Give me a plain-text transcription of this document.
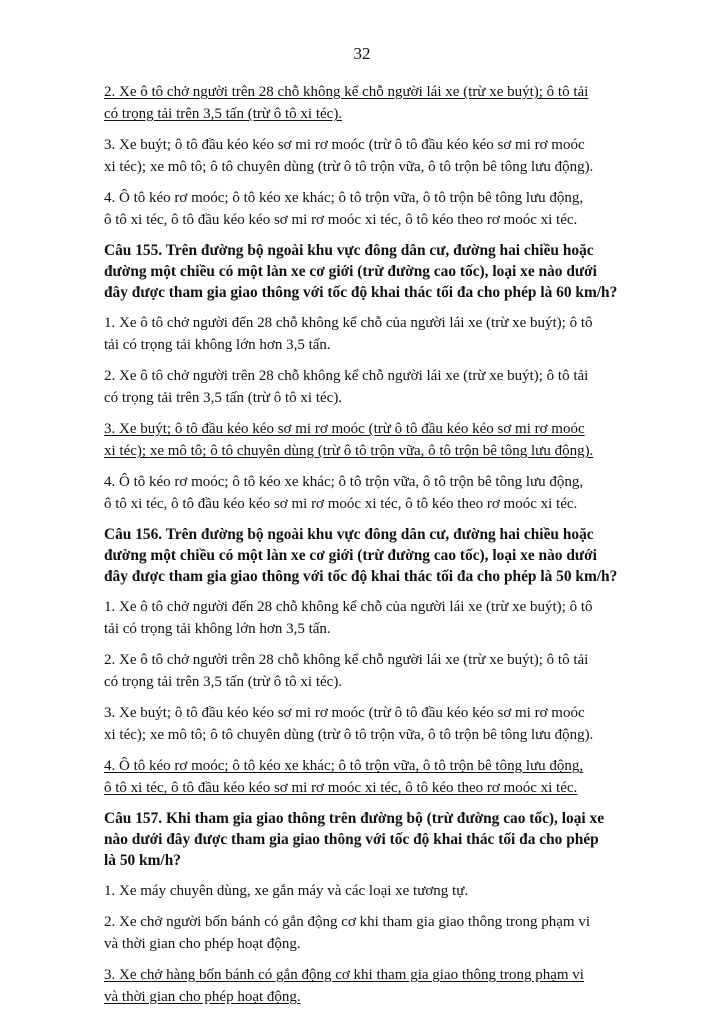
32
2. Xe ô tô chở người trên 28 chỗ không kể chỗ người lái xe (trừ xe buýt); ô tô tải
có trọng tải trên 3,5 tấn (trừ ô tô xi téc).
3. Xe buýt; ô tô đầu kéo kéo sơ mi rơ moóc (trừ ô tô đầu kéo kéo sơ mi rơ moóc
xi téc); xe mô tô; ô tô chuyên dùng (trừ ô tô trộn vữa, ô tô trộn bê tông lưu động).
4. Ô tô kéo rơ moóc; ô tô kéo xe khác; ô tô trộn vữa, ô tô trộn bê tông lưu động,
ô tô xi téc, ô tô đầu kéo kéo sơ mi rơ moóc xi téc, ô tô kéo theo rơ moóc xi téc.
Câu 155. Trên đường bộ ngoài khu vực đông dân cư, đường hai chiều hoặc
đường một chiều có một làn xe cơ giới (trừ đường cao tốc), loại xe nào dưới
đây được tham gia giao thông với tốc độ khai thác tối đa cho phép là 60 km/h?
1. Xe ô tô chở người đến 28 chỗ không kể chỗ của người lái xe (trừ xe buýt); ô tô
tải có trọng tải không lớn hơn 3,5 tấn.
2. Xe ô tô chở người trên 28 chỗ không kể chỗ người lái xe (trừ xe buýt); ô tô tải
có trọng tải trên 3,5 tấn (trừ ô tô xi téc).
3. Xe buýt; ô tô đầu kéo kéo sơ mi rơ moóc (trừ ô tô đầu kéo kéo sơ mi rơ moóc
xi téc); xe mô tô; ô tô chuyên dùng (trừ ô tô trộn vữa, ô tô trộn bê tông lưu động).
4. Ô tô kéo rơ moóc; ô tô kéo xe khác; ô tô trộn vữa, ô tô trộn bê tông lưu động,
ô tô xi téc, ô tô đầu kéo kéo sơ mi rơ moóc xi téc, ô tô kéo theo rơ moóc xi téc.
Câu 156. Trên đường bộ ngoài khu vực đông dân cư, đường hai chiều hoặc
đường một chiều có một làn xe cơ giới (trừ đường cao tốc), loại xe nào dưới
đây được tham gia giao thông với tốc độ khai thác tối đa cho phép là 50 km/h?
1. Xe ô tô chở người đến 28 chỗ không kể chỗ của người lái xe (trừ xe buýt); ô tô
tải có trọng tải không lớn hơn 3,5 tấn.
2. Xe ô tô chở người trên 28 chỗ không kể chỗ người lái xe (trừ xe buýt); ô tô tải
có trọng tải trên 3,5 tấn (trừ ô tô xi téc).
3. Xe buýt; ô tô đầu kéo kéo sơ mi rơ moóc (trừ ô tô đầu kéo kéo sơ mi rơ moóc
xi téc); xe mô tô; ô tô chuyên dùng (trừ ô tô trộn vữa, ô tô trộn bê tông lưu động).
4. Ô tô kéo rơ moóc; ô tô kéo xe khác; ô tô trộn vữa, ô tô trộn bê tông lưu động,
ô tô xi téc, ô tô đầu kéo kéo sơ mi rơ moóc xi téc, ô tô kéo theo rơ moóc xi téc.
Câu 157. Khi tham gia giao thông trên đường bộ (trừ đường cao tốc), loại xe
nào dưới đây được tham gia giao thông với tốc độ khai thác tối đa cho phép
là 50 km/h?
1. Xe máy chuyên dùng, xe gắn máy và các loại xe tương tự.
2. Xe chở người bốn bánh có gắn động cơ khi tham gia giao thông trong phạm vi
và thời gian cho phép hoạt động.
3. Xe chở hàng bốn bánh có gắn động cơ khi tham gia giao thông trong phạm vi
và thời gian cho phép hoạt động.
